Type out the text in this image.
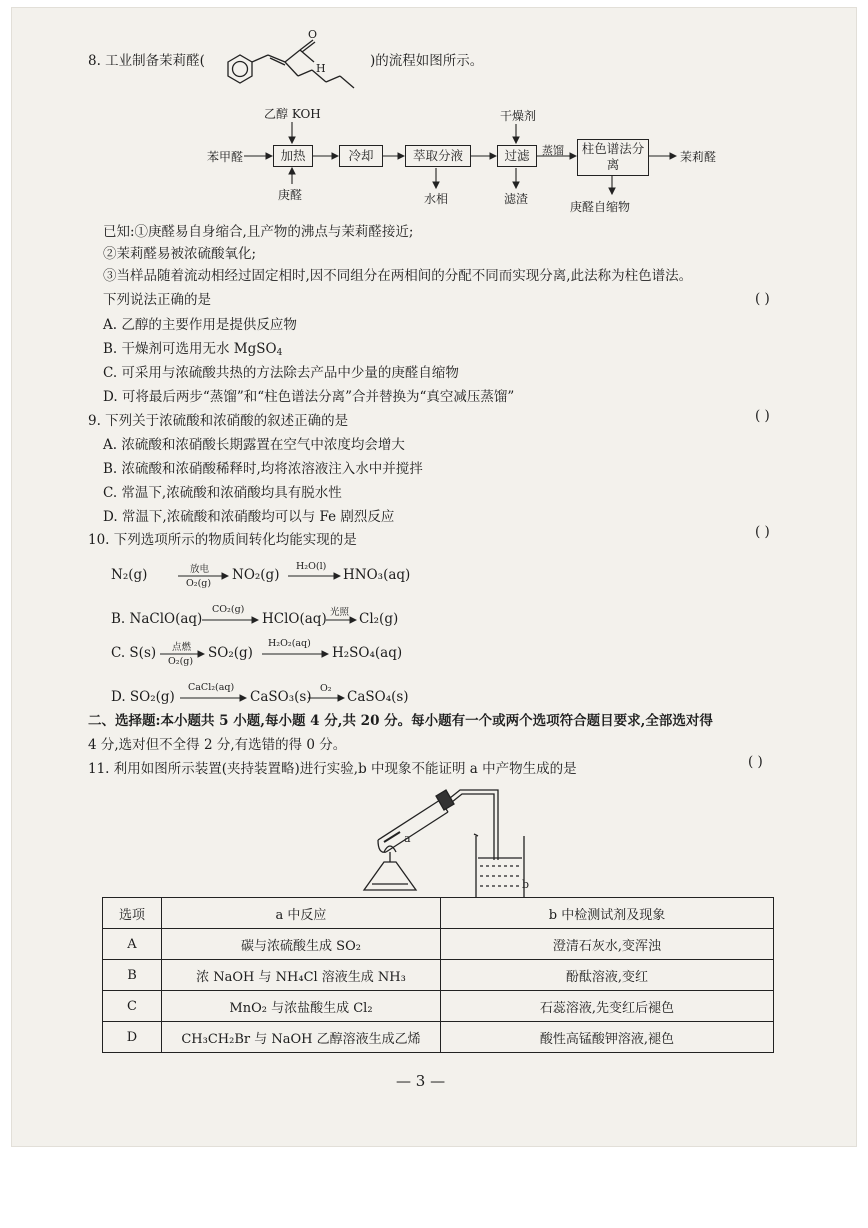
8. 工业制备茉莉醛(
O
H	)的流程如图所示。
苯甲醛
乙醇 KOH
庚醛
加热	冷却	萃取分液
水相
干燥剂
过滤
滤渣
蒸馏	柱色谱法分离
庚醛自缩物
茉莉醛
已知:①庚醛易自身缩合,且产物的沸点与茉莉醛接近;
②茉莉醛易被浓硫酸氧化;
③当样品随着流动相经过固定相时,因不同组分在两相间的分配不同而实现分离,此法称为柱色谱法。
下列说法正确的是	( )
A. 乙醇的主要作用是提供反应物
B. 干燥剂可选用无水 MgSO$_4$
C. 可采用与浓硫酸共热的方法除去产品中少量的庚醛自缩物
D. 可将最后两步“蒸馏”和“柱色谱法分离”合并替换为“真空减压蒸馏”
9. 下列关于浓硫酸和浓硝酸的叙述正确的是	( )
A. 浓硫酸和浓硝酸长期露置在空气中浓度均会增大
B. 浓硫酸和浓硝酸稀释时,均将浓溶液注入水中并搅拌
C. 常温下,浓硫酸和浓硝酸均具有脱水性
D. 常温下,浓硫酸和浓硝酸均可以与 Fe 剧烈反应
10. 下列选项所示的物质间转化均能实现的是	( )
N₂(g)	放电
O₂(g)
NO₂(g)
H₂O(l)
HNO₃(aq)
B. NaClO(aq)
CO₂(g)
HClO(aq) 光照 Cl₂(g)
C. S(s) 点燃
O₂(g)
SO₂(g)
H₂O₂(aq)
H₂SO₄(aq)
D. SO₂(g)
CaCl₂(aq)
CaSO₃(s)
O₂
CaSO₄(s)
二、选择题:本小题共 5 小题,每小题 4 分,共 20 分。每小题有一个或两个选项符合题目要求,全部选对得
4 分,选对但不全得 2 分,有选错的得 0 分。
11. 利用如图所示装置(夹持装置略)进行实验,b 中现象不能证明 a 中产物生成的是	( )
a
b
选项	a 中反应	b 中检测试剂及现象
A	碳与浓硫酸生成 SO₂	澄清石灰水,变浑浊
B	浓 NaOH 与 NH₄Cl 溶液生成 NH₃	酚酞溶液,变红
C	MnO₂ 与浓盐酸生成 Cl₂	石蕊溶液,先变红后褪色
D	CH₃CH₂Br 与 NaOH 乙醇溶液生成乙烯	酸性高锰酸钾溶液,褪色
— 3 —
